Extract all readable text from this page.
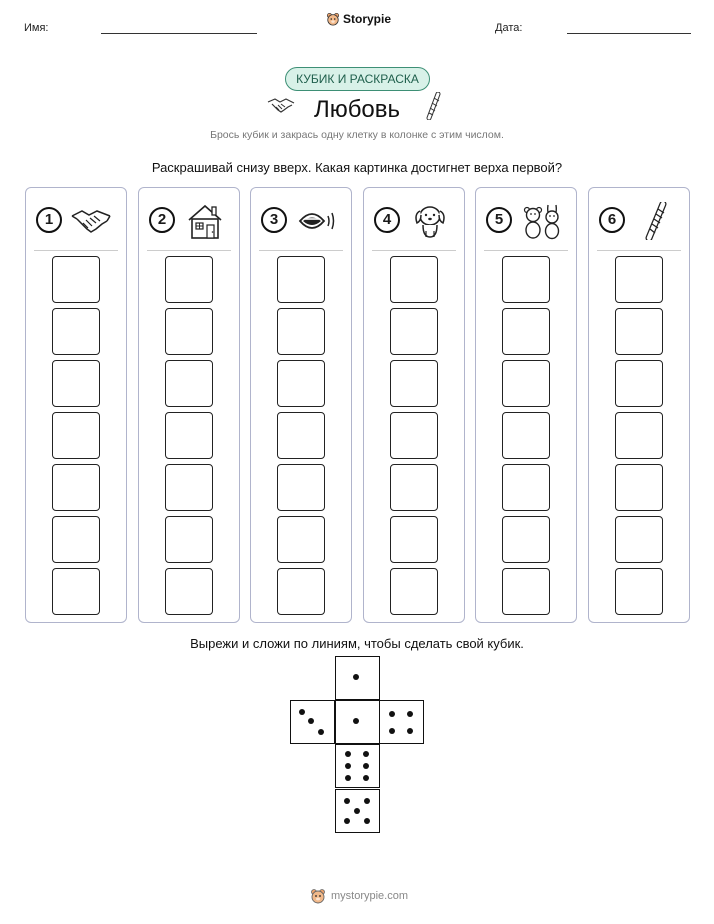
Имя:
Storypie
Дата:
КУБИК И РАСКРАСКА
Любовь
Брось кубик и закрась одну клетку в колонке с этим числом.
Раскрашивай снизу вверх. Какая картинка достигнет верха первой?
1	2	3	4	5	6
Вырежи и сложи по линиям, чтобы сделать свой кубик.
mystorypie.com
